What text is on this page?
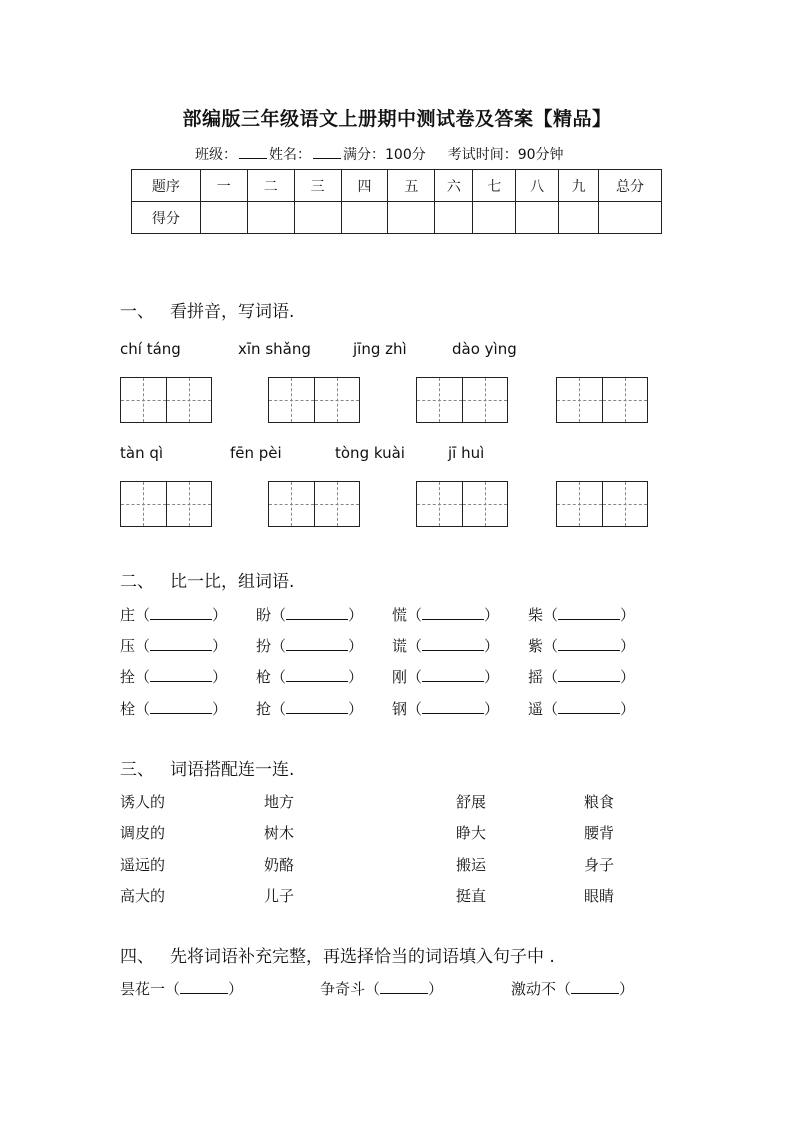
部编版三年级语文上册期中测试卷及答案【精品】
班级： 姓名： 满分：100分 考试时间：90分钟
题序	一	二	三	四	五	六	七	八	九	总分
得分										
一、 看拼音，写词语.
chí táng	xīn shǎng	jīng zhì	dào yìng
tàn qì	fēn pèi	tòng kuài	jī huì
二、 比一比，组词语.
庄（	） 盼（	） 慌（	） 柴（	）
压（	） 扮（	） 谎（	） 紫（	）
拴（	） 枪（	） 刚（	） 摇（	）
栓（	） 抢（	） 钢（	） 遥（	）
三、 词语搭配连一连.
诱人的	地方	舒展	粮食
调皮的	树木	睁大	腰背
遥远的	奶酪	搬运	身子
高大的	儿子	挺直	眼睛
四、 先将词语补充完整，再选择恰当的词语填入句子中 .
昙花一（	）	争奇斗（	）	激动不（	）
